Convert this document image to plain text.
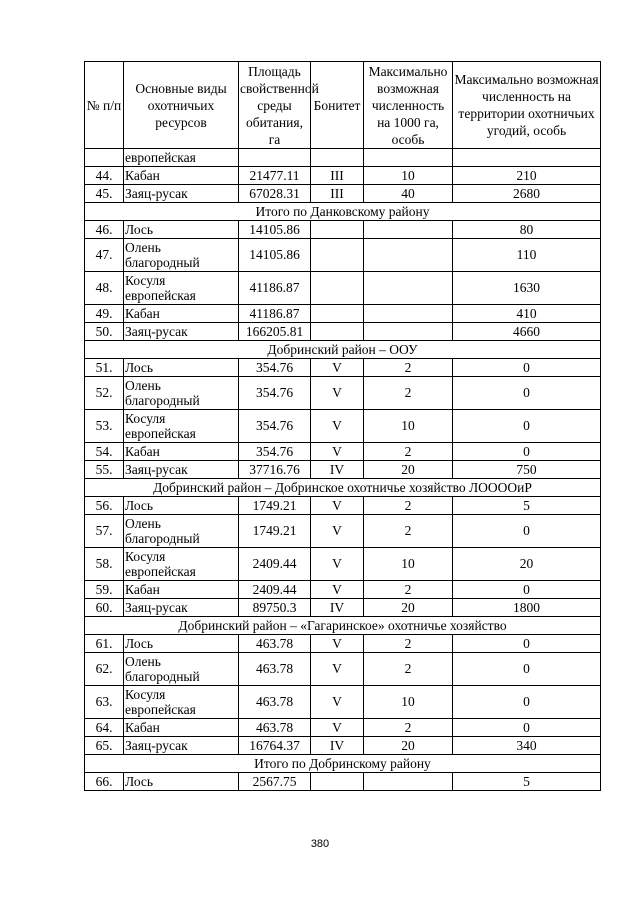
№ п/п	Основные виды охотничьих ресурсов	Площадь свойственной среды обитания, га	Бонитет	Максимально возможная численность на 1000 га, особь	Максимально возможная численность на территории охотничьих угодий, особь
	европейская				
44.	Кабан	21477.11	III	10	210
45.	Заяц-русак	67028.31	III	40	2680
Итого по Данковскому району					
46.	Лось	14105.86			80
47.	Олень благородный	14105.86			110
48.	Косуля европейская	41186.87			1630
49.	Кабан	41186.87			410
50.	Заяц-русак	166205.81			4660
Добринский район – ООУ					
51.	Лось	354.76	V	2	0
52.	Олень благородный	354.76	V	2	0
53.	Косуля европейская	354.76	V	10	0
54.	Кабан	354.76	V	2	0
55.	Заяц-русак	37716.76	IV	20	750
Добринский район – Добринское охотничье хозяйство ЛООООиР					
56.	Лось	1749.21	V	2	5
57.	Олень благородный	1749.21	V	2	0
58.	Косуля европейская	2409.44	V	10	20
59.	Кабан	2409.44	V	2	0
60.	Заяц-русак	89750.3	IV	20	1800
Добринский район – «Гагаринское» охотничье хозяйство					
61.	Лось	463.78	V	2	0
62.	Олень благородный	463.78	V	2	0
63.	Косуля европейская	463.78	V	10	0
64.	Кабан	463.78	V	2	0
65.	Заяц-русак	16764.37	IV	20	340
Итого по Добринскому району					
66.	Лось	2567.75			5
380
